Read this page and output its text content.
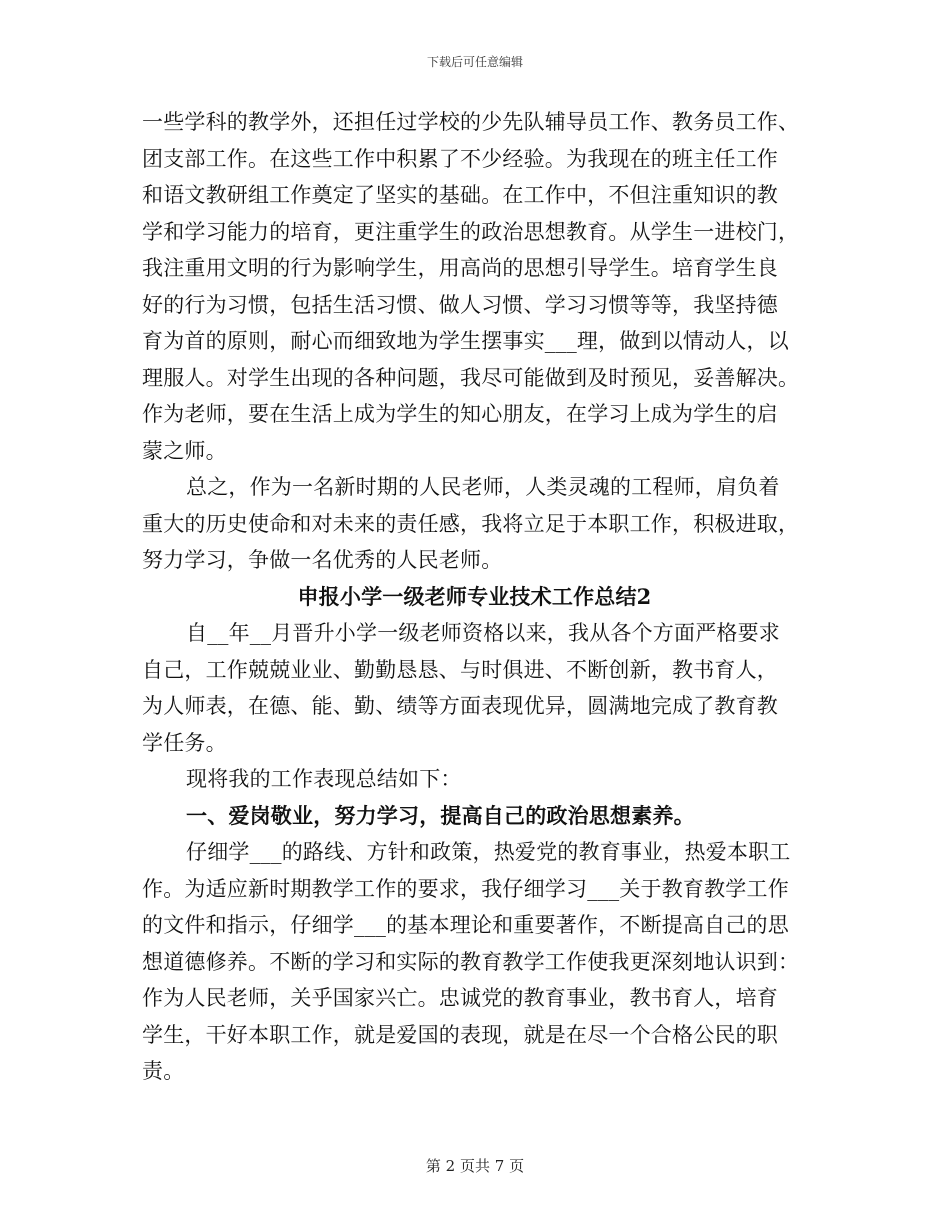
下载后可任意编辑
一些学科的教学外，还担任过学校的少先队辅导员工作、教务员工作、
团支部工作。在这些工作中积累了不少经验。为我现在的班主任工作
和语文教研组工作奠定了坚实的基础。在工作中，不但注重知识的教
学和学习能力的培育，更注重学生的政治思想教育。从学生一进校门，
我注重用文明的行为影响学生，用高尚的思想引导学生。培育学生良
好的行为习惯，包括生活习惯、做人习惯、学习习惯等等，我坚持德
育为首的原则，耐心而细致地为学生摆事实___理，做到以情动人，以
理服人。对学生出现的各种问题，我尽可能做到及时预见，妥善解决。
作为老师，要在生活上成为学生的知心朋友，在学习上成为学生的启
蒙之师。
总之，作为一名新时期的人民老师，人类灵魂的工程师，肩负着
重大的历史使命和对未来的责任感，我将立足于本职工作，积极进取，
努力学习，争做一名优秀的人民老师。
申报小学一级老师专业技术工作总结2
自__年__月晋升小学一级老师资格以来，我从各个方面严格要求
自己，工作兢兢业业、勤勤恳恳、与时俱进、不断创新，教书育人，
为人师表，在德、能、勤、绩等方面表现优异，圆满地完成了教育教
学任务。
现将我的工作表现总结如下：
一、爱岗敬业，努力学习，提高自己的政治思想素养。
仔细学___的路线、方针和政策，热爱党的教育事业，热爱本职工
作。为适应新时期教学工作的要求，我仔细学习___关于教育教学工作
的文件和指示，仔细学___的基本理论和重要著作，不断提高自己的思
想道德修养。不断的学习和实际的教育教学工作使我更深刻地认识到：
作为人民老师，关乎国家兴亡。忠诚党的教育事业，教书育人，培育
学生，干好本职工作，就是爱国的表现，就是在尽一个合格公民的职
责。
第 2 页共 7 页
